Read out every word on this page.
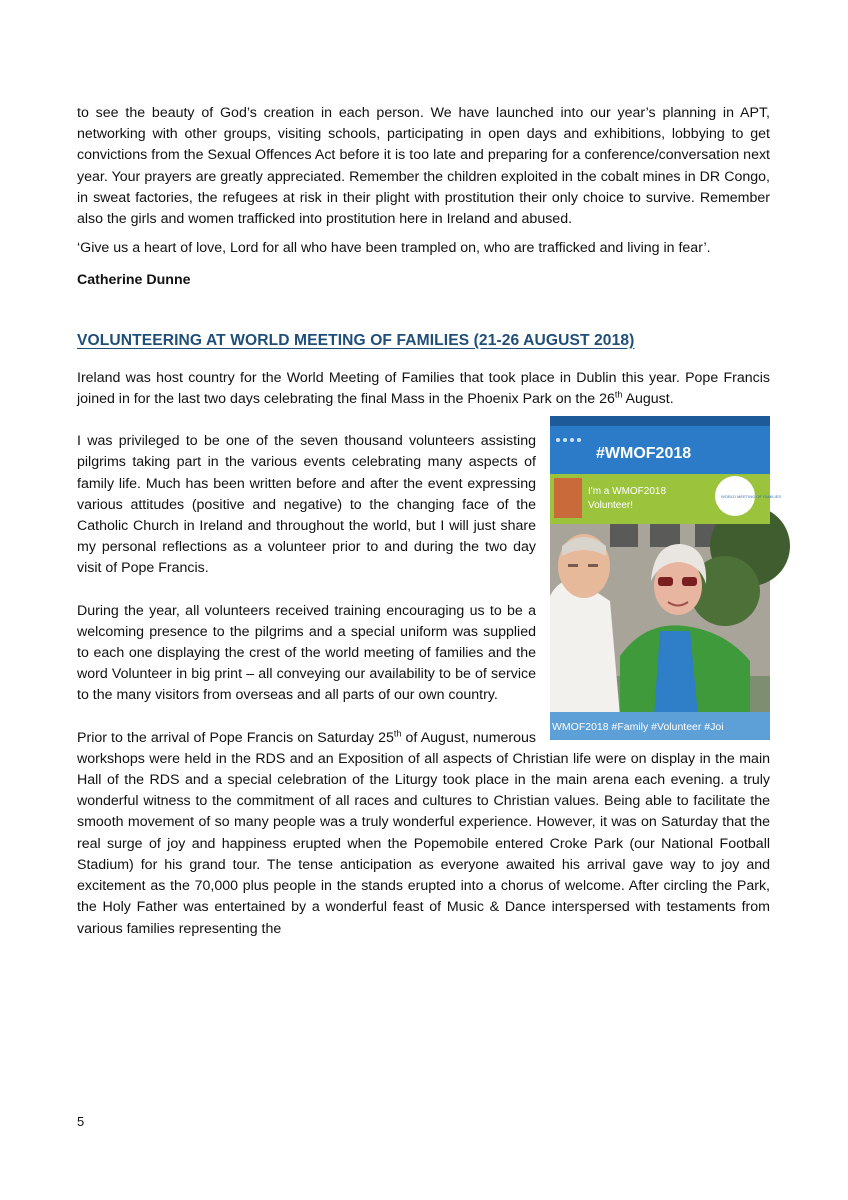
to see the beauty of God’s creation in each person. We have launched into our year’s planning in APT, networking with other groups, visiting schools, participating in open days and exhibitions, lobbying to get convictions from the Sexual Offences Act before it is too late and preparing for a conference/conversation next year. Your prayers are greatly appreciated. Remember the children exploited in the cobalt mines in DR Congo, in sweat factories, the refugees at risk in their plight with prostitution their only choice to survive. Remember also the girls and women trafficked into prostitution here in Ireland and abused.

‘Give us a heart of love, Lord for all who have been trampled on, who are trafficked and living in fear’.

Catherine Dunne

VOLUNTEERING AT WORLD MEETING OF FAMILIES (21-26 AUGUST 2018)

Ireland was host country for the World Meeting of Families that took place in Dublin this year. Pope Francis joined in for the last two days celebrating the final Mass in the Phoenix Park on the 26th August.

#WMOF2018
I'm a WMOF2018
Volunteer!
WORLD MEETING OF FAMILIES
WMOF2018 #Family #Volunteer #Joi

I was privileged to be one of the seven thousand volunteers assisting pilgrims taking part in the various events celebrating many aspects of family life. Much has been written before and after the event expressing various attitudes (positive and negative) to the changing face of the Catholic Church in Ireland and throughout the world, but I will just share my personal reflections as a volunteer prior to and during the two day visit of Pope Francis.

During the year, all volunteers received training encouraging us to be a welcoming presence to the pilgrims and a special uniform was supplied to each one displaying the crest of the world meeting of families and the word Volunteer in big print – all conveying our availability to be of service to the many visitors from overseas and all parts of our own country.

Prior to the arrival of Pope Francis on Saturday 25th of August, numerous workshops were held in the RDS and an Exposition of all aspects of Christian life were on display in the main Hall of the RDS and a special celebration of the Liturgy took place in the main arena each evening. a truly wonderful witness to the commitment of all races and cultures to Christian values. Being able to facilitate the smooth movement of so many people was a truly wonderful experience. However, it was on Saturday that the real surge of joy and happiness erupted when the Popemobile entered Croke Park (our National Football Stadium) for his grand tour. The tense anticipation as everyone awaited his arrival gave way to joy and excitement as the 70,000 plus people in the stands erupted into a chorus of welcome. After circling the Park, the Holy Father was entertained by a wonderful feast of Music & Dance interspersed with testaments from various families representing the

5
